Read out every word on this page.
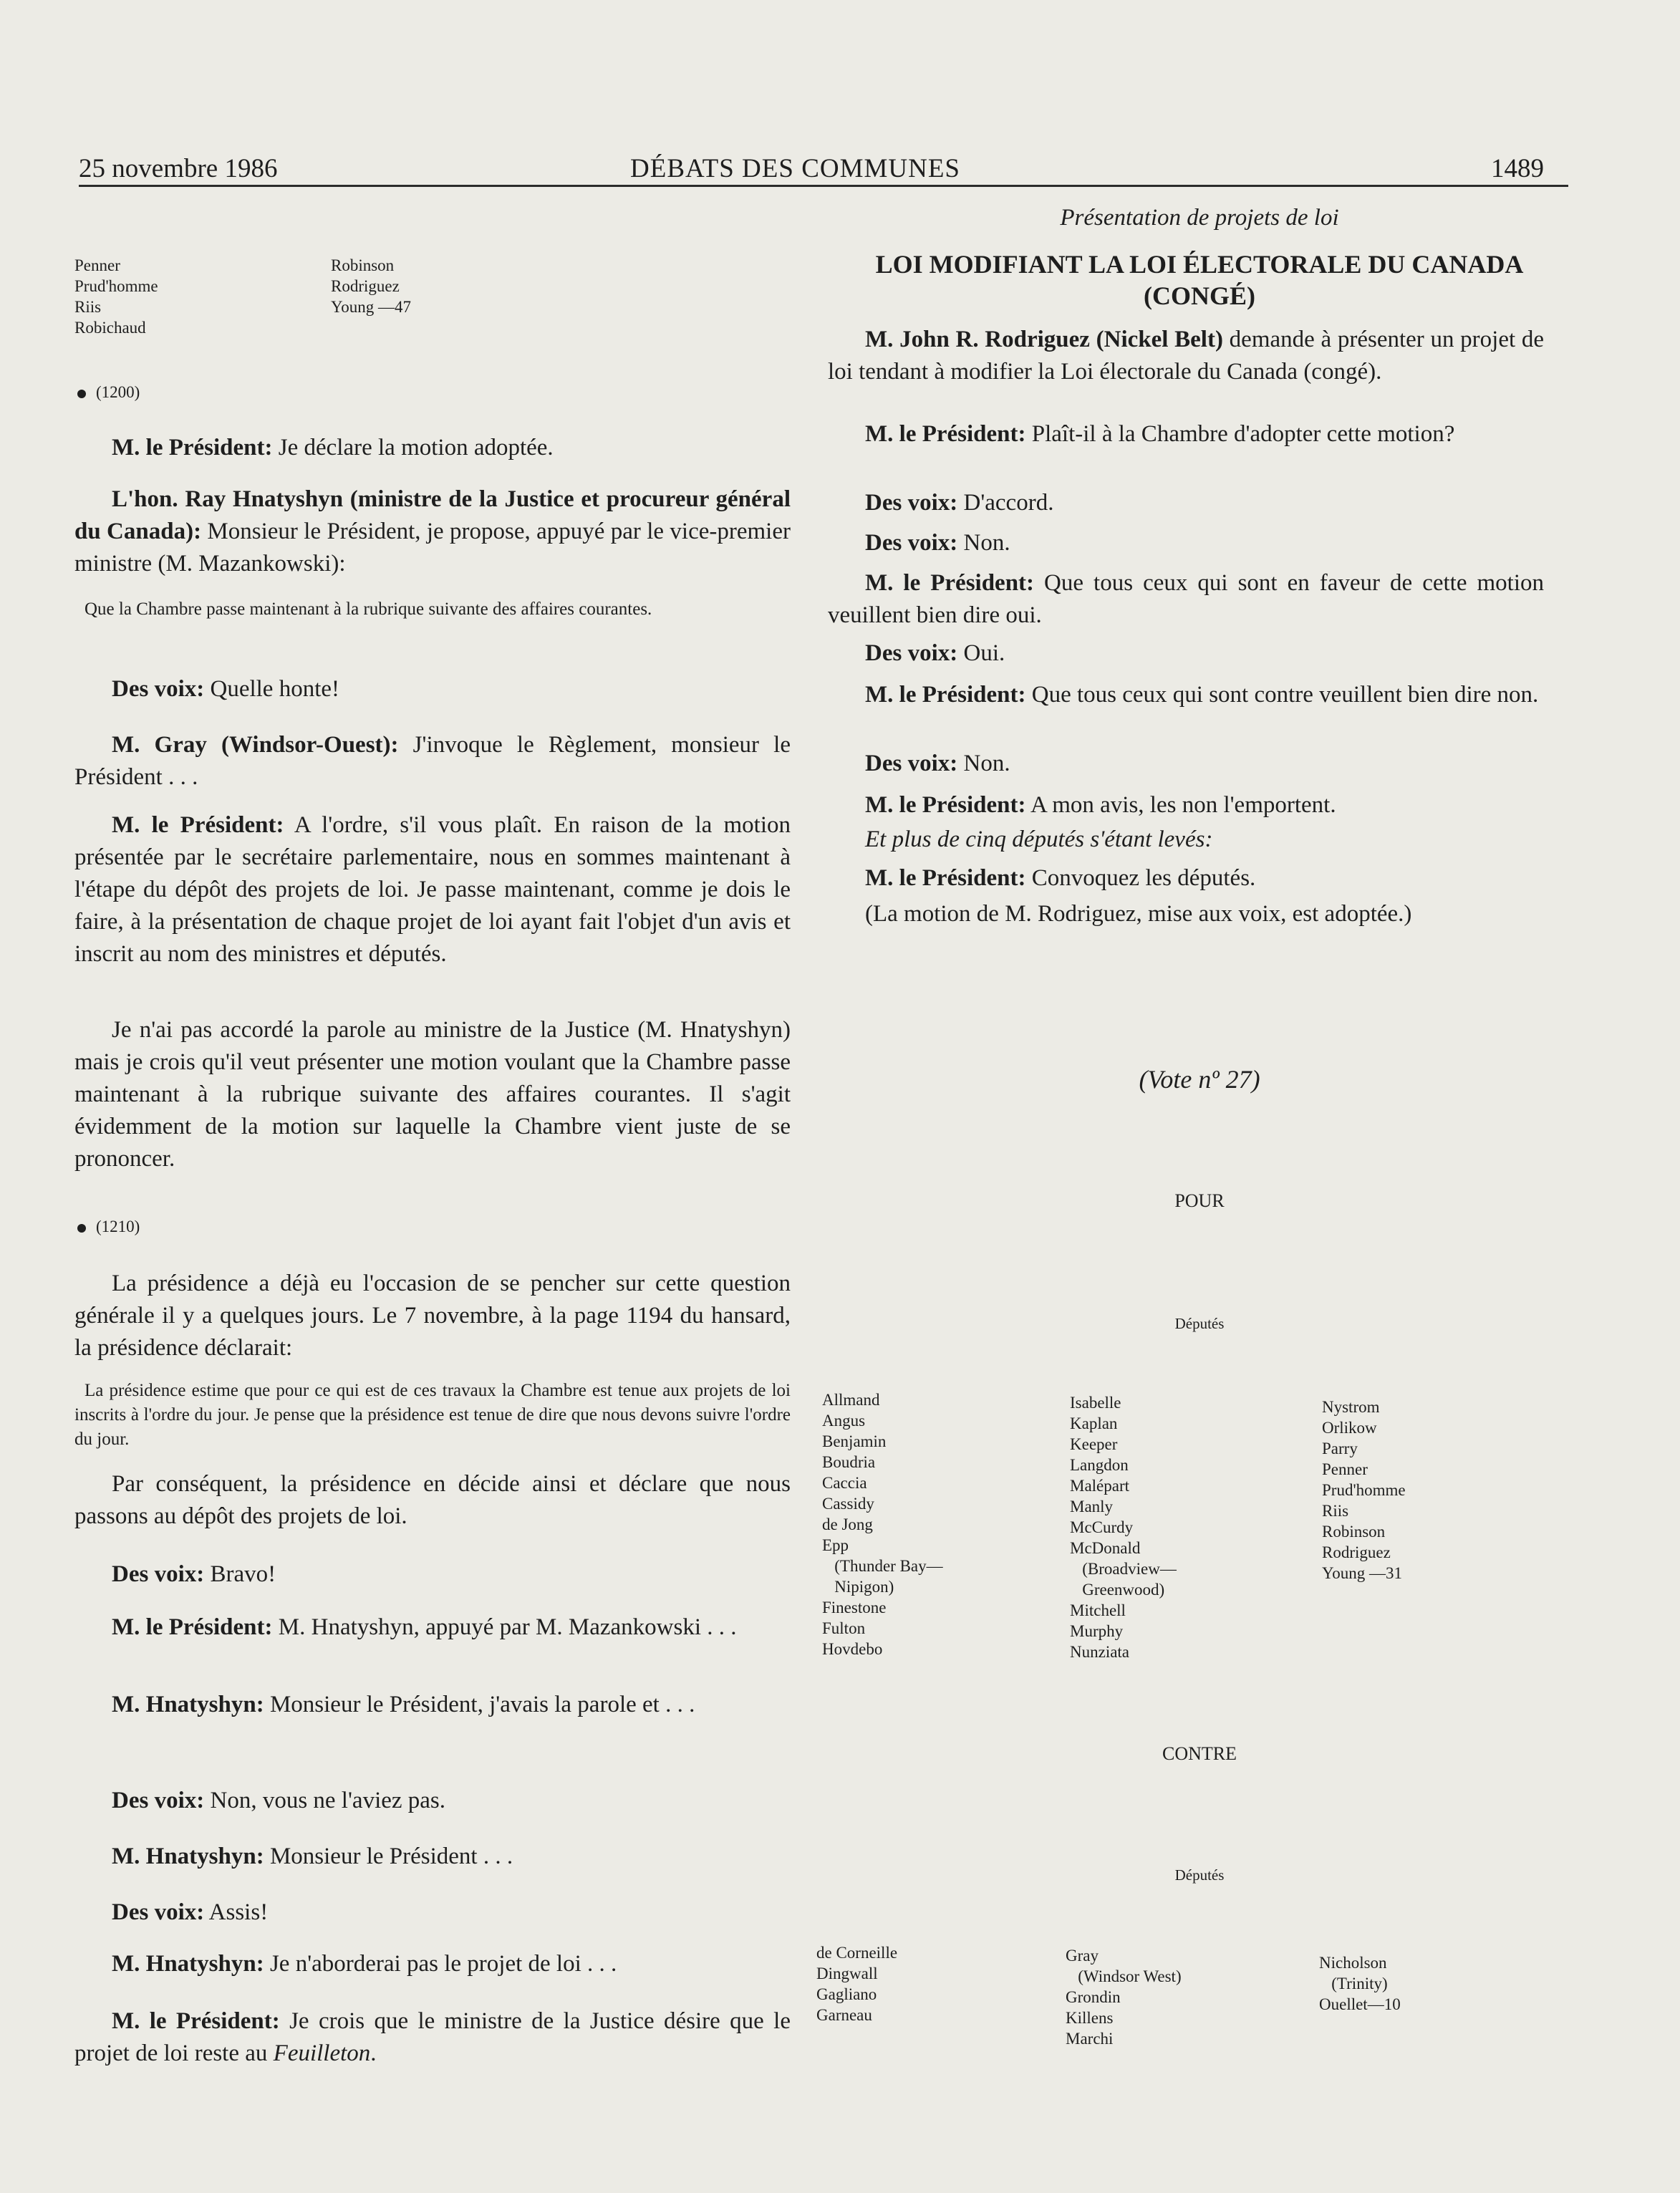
25 novembre 1986	DÉBATS DES COMMUNES	1489
Penner
Prud'homme
Riis
Robichaud
Robinson
Rodriguez
Young —47
(1200)

M. le Président: Je déclare la motion adoptée.

L'hon. Ray Hnatyshyn (ministre de la Justice et procureur général du Canada): Monsieur le Président, je propose, appuyé par le vice-premier ministre (M. Mazankowski):

Que la Chambre passe maintenant à la rubrique suivante des affaires courantes.

Des voix: Quelle honte!

M. Gray (Windsor-Ouest): J'invoque le Règlement, monsieur le Président . . .

M. le Président: A l'ordre, s'il vous plaît. En raison de la motion présentée par le secrétaire parlementaire, nous en sommes maintenant à l'étape du dépôt des projets de loi. Je passe maintenant, comme je dois le faire, à la présentation de chaque projet de loi ayant fait l'objet d'un avis et inscrit au nom des ministres et députés.

Je n'ai pas accordé la parole au ministre de la Justice (M. Hnatyshyn) mais je crois qu'il veut présenter une motion voulant que la Chambre passe maintenant à la rubrique suivante des affaires courantes. Il s'agit évidemment de la motion sur laquelle la Chambre vient juste de se prononcer.

(1210)

La présidence a déjà eu l'occasion de se pencher sur cette question générale il y a quelques jours. Le 7 novembre, à la page 1194 du hansard, la présidence déclarait:

La présidence estime que pour ce qui est de ces travaux la Chambre est tenue aux projets de loi inscrits à l'ordre du jour. Je pense que la présidence est tenue de dire que nous devons suivre l'ordre du jour.

Par conséquent, la présidence en décide ainsi et déclare que nous passons au dépôt des projets de loi.

Des voix: Bravo!

M. le Président: M. Hnatyshyn, appuyé par M. Mazankowski . . .

M. Hnatyshyn: Monsieur le Président, j'avais la parole et . . .

Des voix: Non, vous ne l'aviez pas.

M. Hnatyshyn: Monsieur le Président . . .

Des voix: Assis!

M. Hnatyshyn: Je n'aborderai pas le projet de loi . . .

M. le Président: Je crois que le ministre de la Justice désire que le projet de loi reste au Feuilleton.

Présentation de projets de loi
LOI MODIFIANT LA LOI ÉLECTORALE DU CANADA
(CONGÉ)

M. John R. Rodriguez (Nickel Belt) demande à présenter un projet de loi tendant à modifier la Loi électorale du Canada (congé).

M. le Président: Plaît-il à la Chambre d'adopter cette motion?

Des voix: D'accord.

Des voix: Non.

M. le Président: Que tous ceux qui sont en faveur de cette motion veuillent bien dire oui.

Des voix: Oui.

M. le Président: Que tous ceux qui sont contre veuillent bien dire non.

Des voix: Non.

M. le Président: A mon avis, les non l'emportent.

Et plus de cinq députés s'étant levés:

M. le Président: Convoquez les députés.

(La motion de M. Rodriguez, mise aux voix, est adoptée.)

(Vote nº 27)
POUR
Députés
Allmand
Angus
Benjamin
Boudria
Caccia
Cassidy
de Jong
Epp
(Thunder Bay—
Nipigon)
Finestone
Fulton
Hovdebo
Isabelle
Kaplan
Keeper
Langdon
Malépart
Manly
McCurdy
McDonald
(Broadview—
Greenwood)
Mitchell
Murphy
Nunziata
Nystrom
Orlikow
Parry
Penner
Prud'homme
Riis
Robinson
Rodriguez
Young —31
CONTRE
Députés
de Corneille
Dingwall
Gagliano
Garneau
Gray
(Windsor West)
Grondin
Killens
Marchi
Nicholson
(Trinity)
Ouellet—10
